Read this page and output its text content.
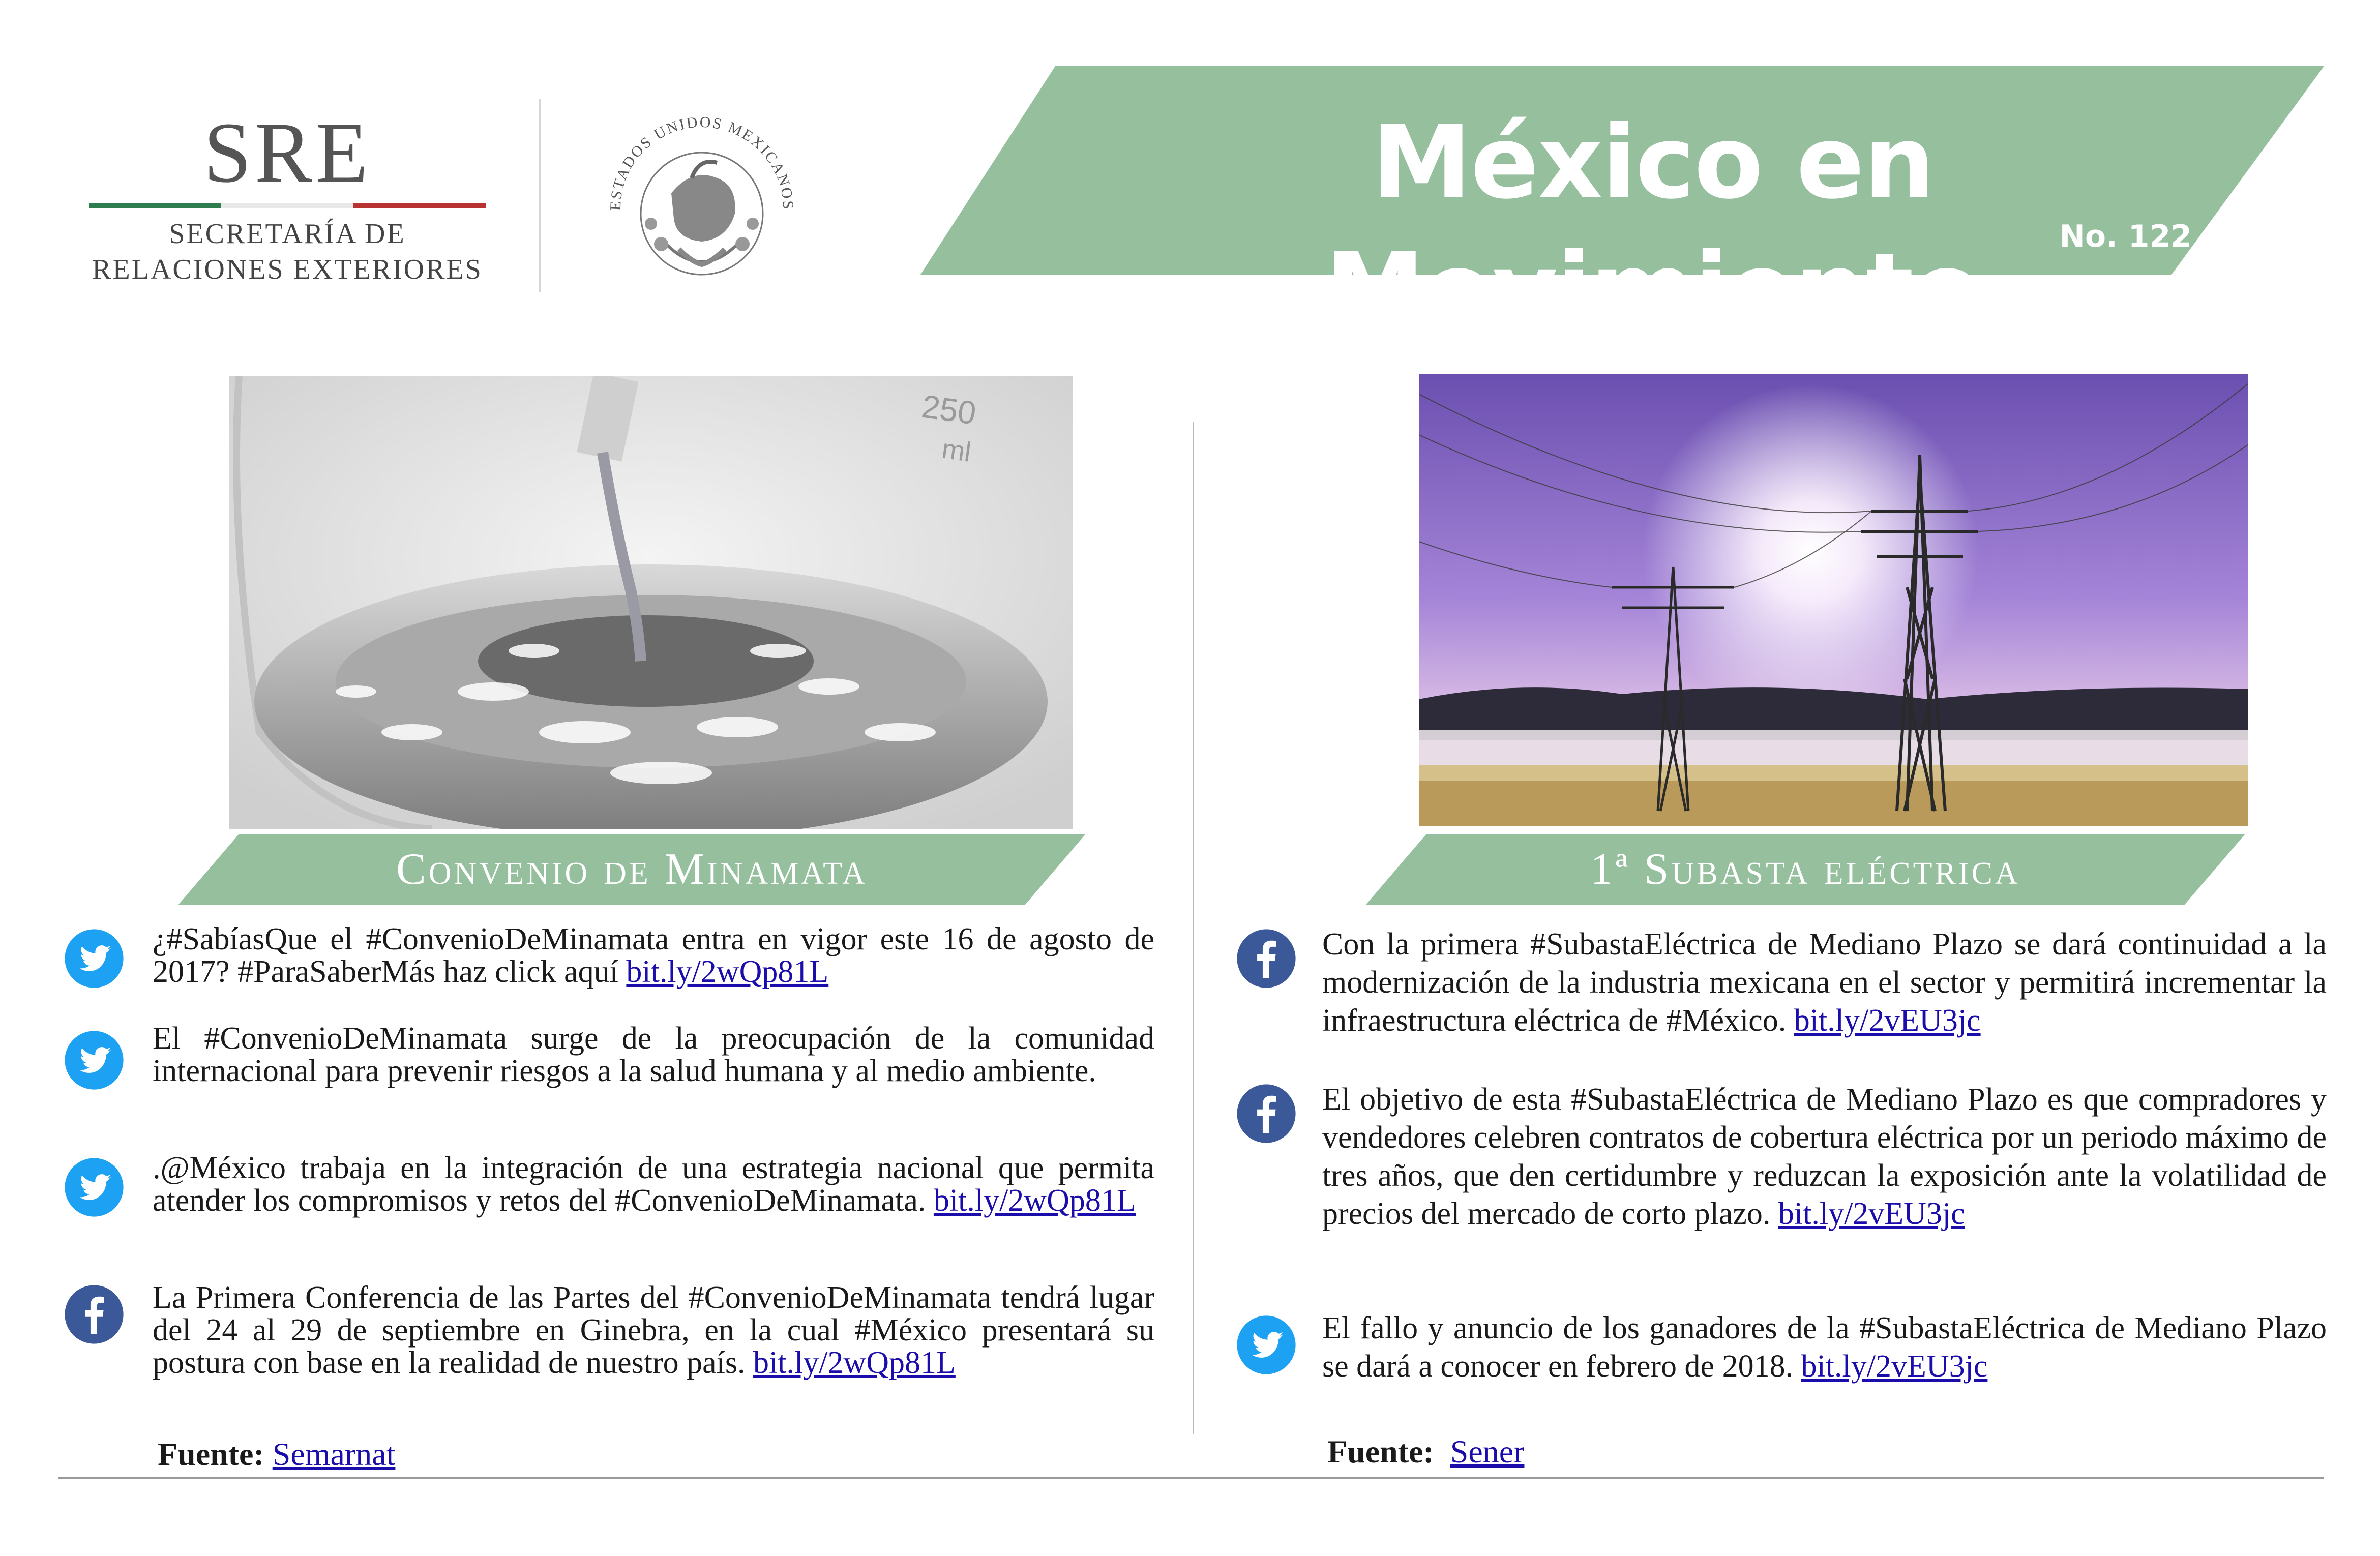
SRE
SECRETARÍA DE
RELACIONES EXTERIORES
ESTADOS UNIDOS MEXICANOS	México en Movimiento	No. 122
250
ml
Convenio de Minamata	1ª Subasta eléctrica
¿#SabíasQue el #ConvenioDeMinamata entra en vigor este 16 de agosto de 2017? #ParaSaberMás haz click aquí bit.ly/2wQp81L
El #ConvenioDeMinamata surge de la preocupación de la comunidad internacional para prevenir riesgos a la salud humana y al medio ambiente.
.@México trabaja en la integración de una estrategia nacional que permita atender los compromisos y retos del #ConvenioDeMinamata. bit.ly/2wQp81L
La Primera Conferencia de las Partes del #ConvenioDeMinamata tendrá lugar del 24 al 29 de septiembre en Ginebra, en la cual #México presentará su postura con base en la realidad de nuestro país. bit.ly/2wQp81L
Fuente: Semarnat
Con la primera #SubastaEléctrica de Mediano Plazo se dará continuidad a la modernización de la industria mexicana en el sector y permitirá incrementar la infraestructura eléctrica de #México. bit.ly/2vEU3jc
El objetivo de esta #SubastaEléctrica de Mediano Plazo es que compradores y vendedores celebren contratos de cobertura eléctrica por un periodo máximo de tres años, que den certidumbre y reduzcan la exposición ante la volatilidad de precios del mercado de corto plazo. bit.ly/2vEU3jc
El fallo y anuncio de los ganadores de la #SubastaEléctrica de Mediano Plazo se dará a conocer en febrero de 2018. bit.ly/2vEU3jc
Fuente: Sener
